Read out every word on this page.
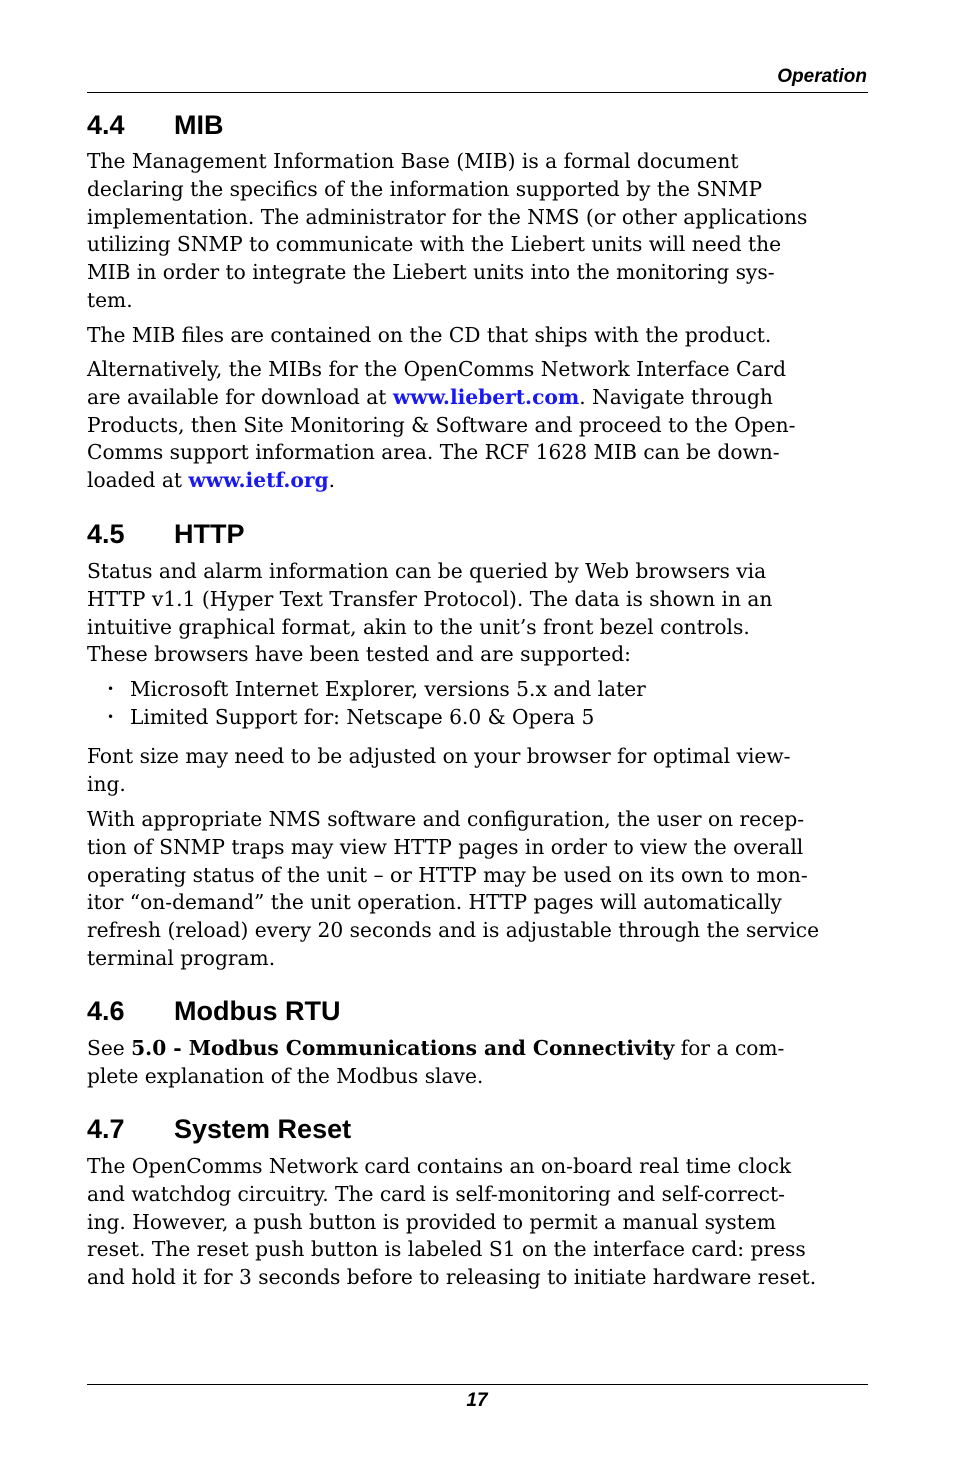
Operation
4.4 MIB
The Management Information Base (MIB) is a formal document
declaring the specifics of the information supported by the SNMP
implementation. The administrator for the NMS (or other applications
utilizing SNMP to communicate with the Liebert units will need the
MIB in order to integrate the Liebert units into the monitoring sys-
tem.
The MIB files are contained on the CD that ships with the product.
Alternatively, the MIBs for the OpenComms Network Interface Card
are available for download at www.liebert.com. Navigate through
Products, then Site Monitoring & Software and proceed to the Open-
Comms support information area. The RCF 1628 MIB can be down-
loaded at www.ietf.org.
4.5 HTTP
Status and alarm information can be queried by Web browsers via
HTTP v1.1 (Hyper Text Transfer Protocol). The data is shown in an
intuitive graphical format, akin to the unit’s front bezel controls.
These browsers have been tested and are supported:
• Microsoft Internet Explorer, versions 5.x and later
• Limited Support for: Netscape 6.0 & Opera 5
Font size may need to be adjusted on your browser for optimal view-
ing.
With appropriate NMS software and configuration, the user on recep-
tion of SNMP traps may view HTTP pages in order to view the overall
operating status of the unit – or HTTP may be used on its own to mon-
itor “on-demand” the unit operation. HTTP pages will automatically
refresh (reload) every 20 seconds and is adjustable through the service
terminal program.
4.6 Modbus RTU
See 5.0 - Modbus Communications and Connectivity for a com-
plete explanation of the Modbus slave.
4.7 System Reset
The OpenComms Network card contains an on-board real time clock
and watchdog circuitry. The card is self-monitoring and self-correct-
ing. However, a push button is provided to permit a manual system
reset. The reset push button is labeled S1 on the interface card: press
and hold it for 3 seconds before to releasing to initiate hardware reset.
17
